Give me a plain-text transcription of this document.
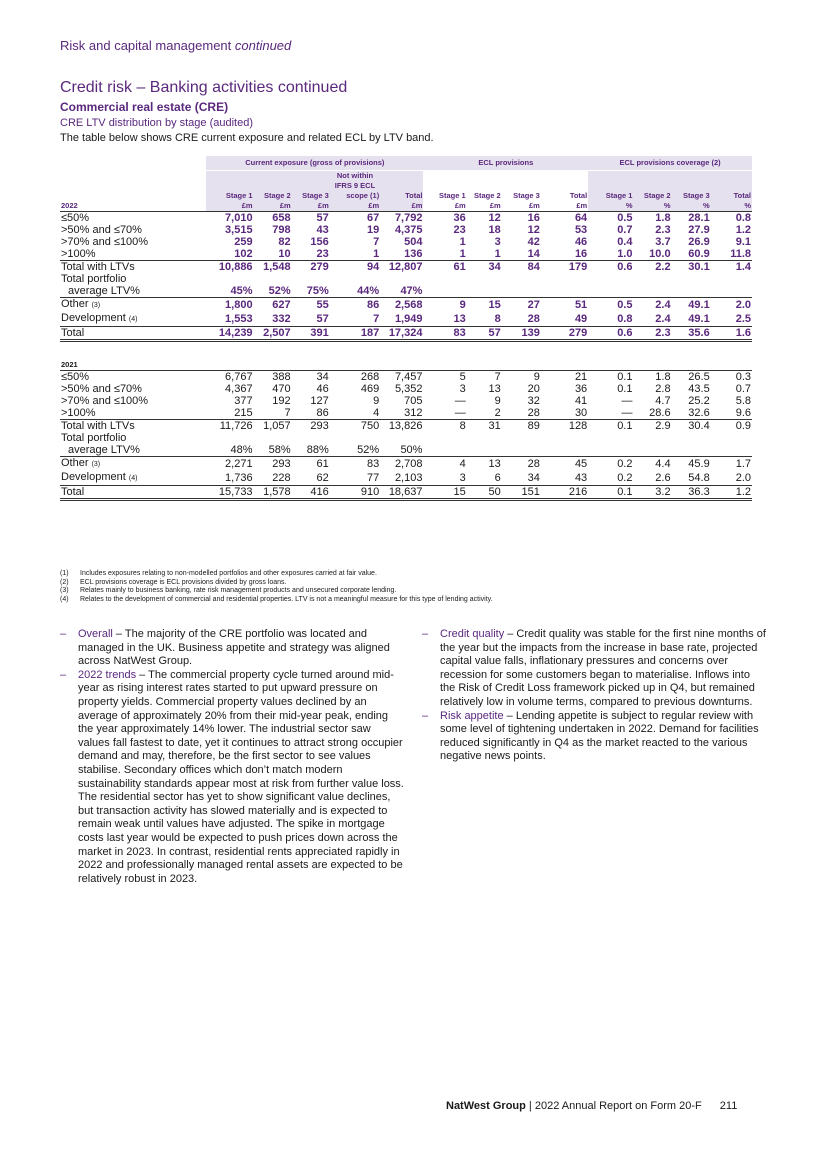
Risk and capital management continued
Credit risk – Banking activities continued
Commercial real estate (CRE)
CRE LTV distribution by stage (audited)
The table below shows CRE current exposure and related ECL by LTV band.
	Current exposure (gross of provisions)					ECL provisions				ECL provisions coverage (2)			
				Not within									
				IFRS 9 ECL									
	Stage 1	Stage 2	Stage 3	scope (1)	Total	Stage 1	Stage 2	Stage 3	Total	Stage 1	Stage 2	Stage 3	Total
2022	£m	£m	£m	£m	£m	£m	£m	£m	£m	%	%	%	%
≤50%	7,010	658	57	67	7,792	36	12	16	64	0.5	1.8	28.1	0.8
>50% and ≤70%	3,515	798	43	19	4,375	23	18	12	53	0.7	2.3	27.9	1.2
>70% and ≤100%	259	82	156	7	504	1	3	42	46	0.4	3.7	26.9	9.1
>100%	102	10	23	1	136	1	1	14	16	1.0	10.0	60.9	11.8
Total with LTVs	10,886	1,548	279	94	12,807	61	34	84	179	0.6	2.2	30.1	1.4
Total portfolio													
average LTV%	45%	52%	75%	44%	47%								
Other (3)	1,800	627	55	86	2,568	9	15	27	51	0.5	2.4	49.1	2.0
Development (4)	1,553	332	57	7	1,949	13	8	28	49	0.8	2.4	49.1	2.5
Total	14,239	2,507	391	187	17,324	83	57	139	279	0.6	2.3	35.6	1.6

2021													
≤50%	6,767	388	34	268	7,457	5	7	9	21	0.1	1.8	26.5	0.3
>50% and ≤70%	4,367	470	46	469	5,352	3	13	20	36	0.1	2.8	43.5	0.7
>70% and ≤100%	377	192	127	9	705	—	9	32	41	—	4.7	25.2	5.8
>100%	215	7	86	4	312	—	2	28	30	—	28.6	32.6	9.6
Total with LTVs	11,726	1,057	293	750	13,826	8	31	89	128	0.1	2.9	30.4	0.9
Total portfolio													
average LTV%	48%	58%	88%	52%	50%								
Other (3)	2,271	293	61	83	2,708	4	13	28	45	0.2	4.4	45.9	1.7
Development (4)	1,736	228	62	77	2,103	3	6	34	43	0.2	2.6	54.8	2.0
Total	15,733	1,578	416	910	18,637	15	50	151	216	0.1	3.2	36.3	1.2
(1)	Includes exposures relating to non-modelled portfolios and other exposures carried at fair value.
(2)	ECL provisions coverage is ECL provisions divided by gross loans.
(3)	Relates mainly to business banking, rate risk management products and unsecured corporate lending.
(4)	Relates to the development of commercial and residential properties. LTV is not a meaningful measure for this type of lending activity.

– Overall – The majority of the CRE portfolio was located and managed in the UK. Business appetite and strategy was aligned across NatWest Group.

– 2022 trends – The commercial property cycle turned around mid-year as rising interest rates started to put upward pressure on property yields. Commercial property values declined by an average of approximately 20% from their mid-year peak, ending the year approximately 14% lower. The industrial sector saw values fall fastest to date, yet it continues to attract strong occupier demand and may, therefore, be the first sector to see values stabilise. Secondary offices which don’t match modern sustainability standards appear most at risk from further value loss. The residential sector has yet to show significant value declines, but transaction activity has slowed materially and is expected to remain weak until values have adjusted. The spike in mortgage costs last year would be expected to push prices down across the market in 2023. In contrast, residential rents appreciated rapidly in 2022 and professionally managed rental assets are expected to be relatively robust in 2023.

– Credit quality – Credit quality was stable for the first nine months of the year but the impacts from the increase in base rate, projected capital value falls, inflationary pressures and concerns over recession for some customers began to materialise. Inflows into the Risk of Credit Loss framework picked up in Q4, but remained relatively low in volume terms, compared to previous downturns.

– Risk appetite – Lending appetite is subject to regular review with some level of tightening undertaken in 2022. Demand for facilities reduced significantly in Q4 as the market reacted to the various negative news points.

NatWest Group | 2022 Annual Report on Form 20-F 211
